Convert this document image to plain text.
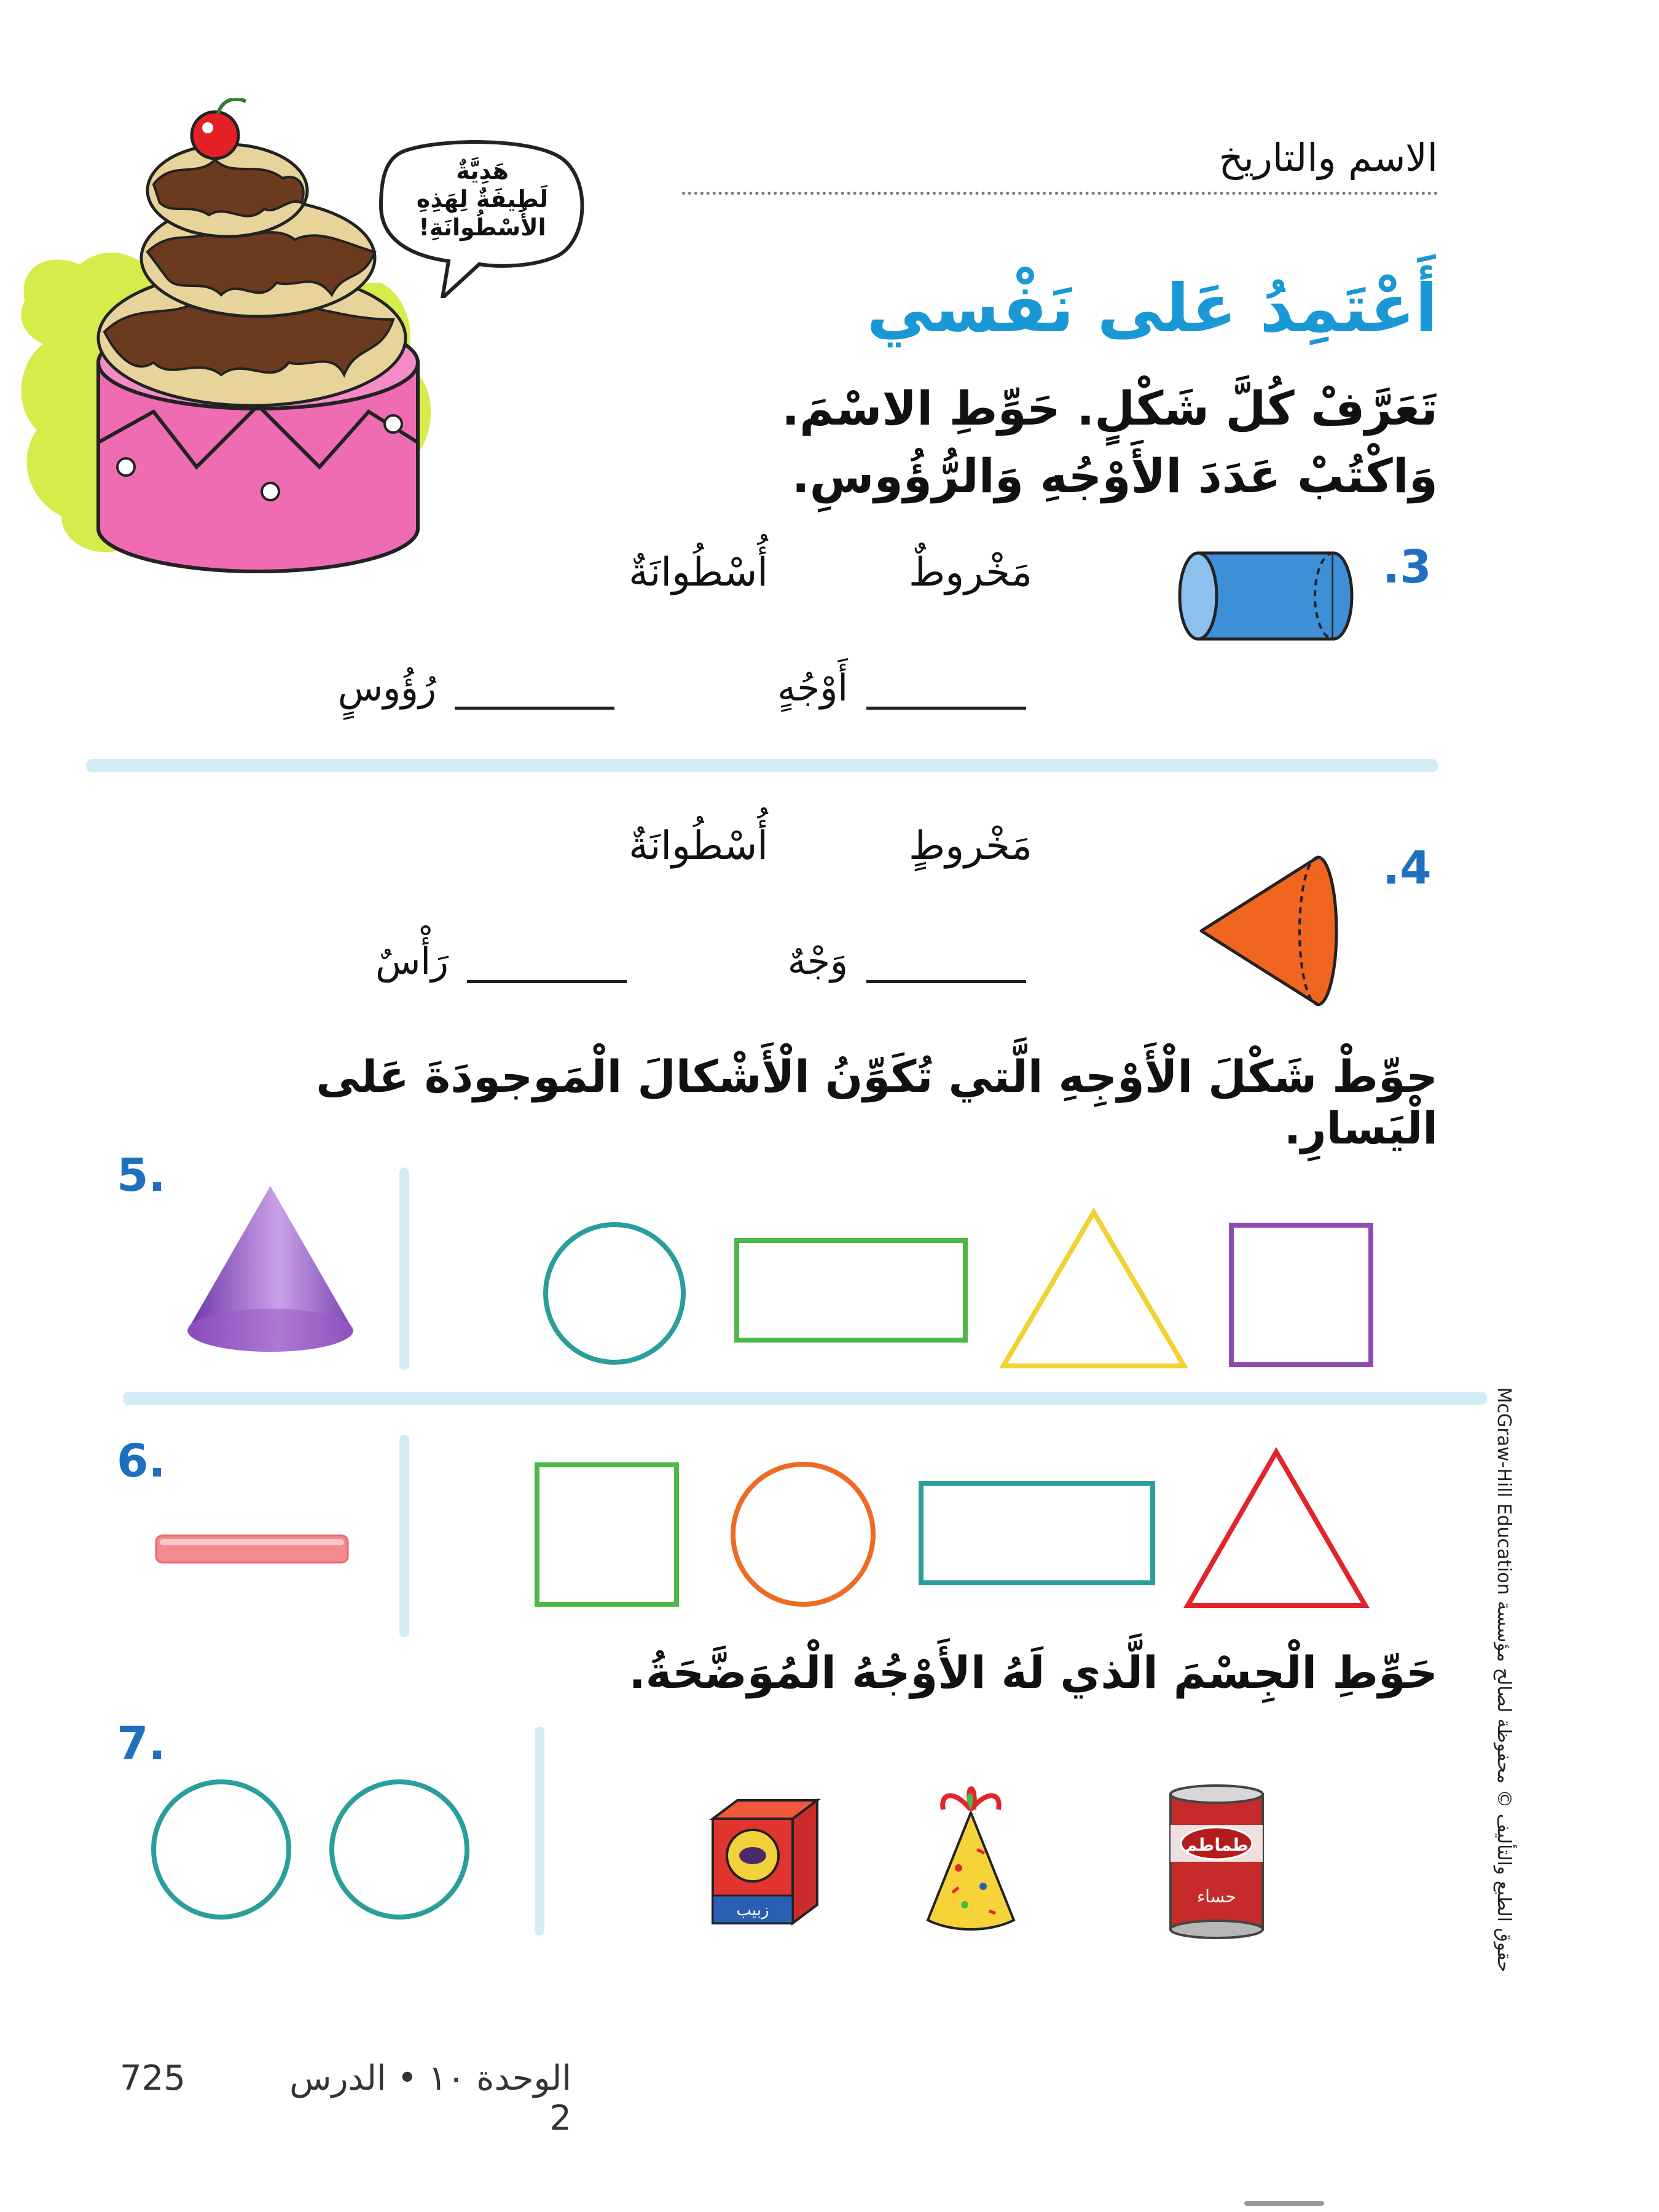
هَدِيَّةٌ
لَطِيفَةٌ لِهَذِهِ
الأُسْطُوانَةِ!
الاسم والتاريخ
أَعْتَمِدُ عَلى نَفْسي
تَعَرَّفْ كُلَّ شَكْلٍ. حَوِّطِ الاسْمَ.
وَاكْتُبْ عَدَدَ الأَوْجُهِ وَالرُّؤُوسِ.
.3
مَخْروطٌ
أُسْطُوانَةٌ
أَوْجُهٍ
رُؤُوسٍ
.4
مَخْروطٍ
أُسْطُوانَةٌ
وَجْهٌ
رَأْسٌ
حوِّطْ شَكْلَ الْأَوْجِهِ الَّتي تُكَوِّنُ الْأَشْكالَ الْمَوجودَةَ عَلى الْيَسارِ.
5.
6.
حَوِّطِ الْجِسْمَ الَّذي لَهُ الأَوْجُهُ الْمُوَضَّحَةُ.
7.
زبيب
طماطم
حساء
725	الوحدة ١٠ • الدرس 2
حقوق الطبع والتأليف © محفوظة لصالح مؤسسة McGraw-Hill Education
